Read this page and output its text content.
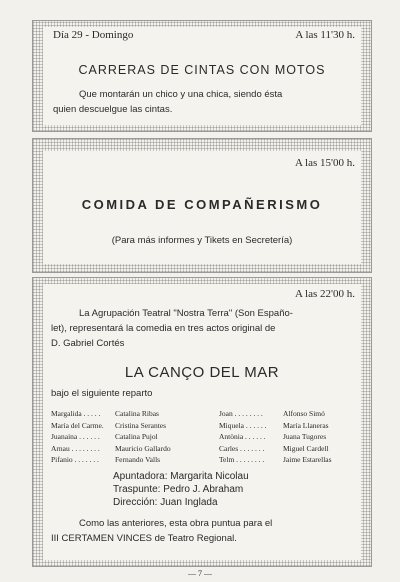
Día 29 - Domingo	A las 11'30 h.
CARRERAS DE CINTAS CON MOTOS
Que montarán un chico y una chica, siendo ésta
quien descuelgue las cintas.
A las 15'00 h.
COMIDA DE COMPAÑERISMO
(Para más informes y Tikets en Secretería)
A las 22'00 h.
La Agrupación Teatral "Nostra Terra" (Son Españo-
let), representará la comedia en tres actos original de
D. Gabriel Cortés
LA CANÇO DEL MAR
bajo el siguiente reparto
Margalida . . . . .
María del Carme.
Juanaina . . . . . .
Arnau . . . . . . . .
Pifanio . . . . . . .
Catalina Ribas
Cristina Serantes
Catalina Pujol
Mauricio Gallardo
Fernando Valls
Joan . . . . . . . .
Miquela . . . . . .
Antònia . . . . . .
Carles . . . . . . .
Telm . . . . . . . .
Alfonso Simó
María Llaneras
Juana Tugores
Miguel Cardell
Jaime Estarellas
Apuntadora: Margarita Nicolau
Traspunte: Pedro J. Abraham
Dirección: Juan Inglada
Como las anteriores, esta obra puntua para el
III CERTAMEN VINCES de Teatro Regional.
— 7 —
